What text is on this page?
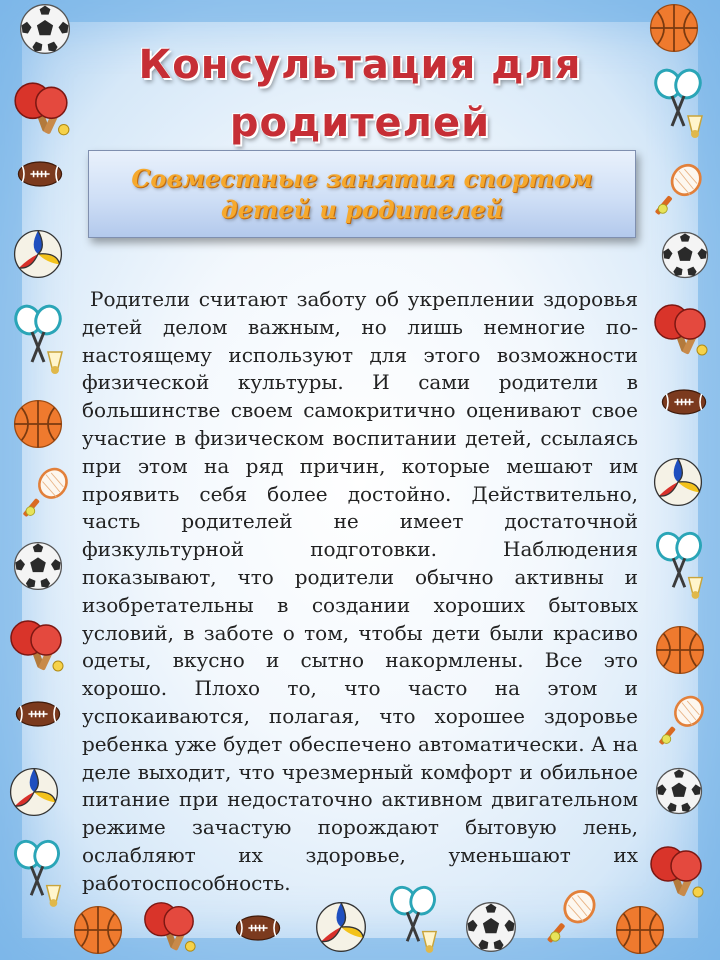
Консультация для родителей

Совместные занятия спортом
детей и родителей

Родители считают заботу об укреплении здоровья детей делом важным, но лишь немногие по-настоящему используют для этого возможности физической культуры. И сами родители в большинстве своем самокритично оценивают свое участие в физическом воспитании детей, ссылаясь при этом на ряд причин, которые мешают им проявить себя более достойно. Действительно, часть родителей не имеет достаточной физкультурной подготовки. Наблюдения показывают, что родители обычно активны и изобретательны в создании хороших бытовых условий, в заботе о том, чтобы дети были красиво одеты, вкусно и сытно накормлены. Все это хорошо. Плохо то, что часто на этом и успокаиваются, полагая, что хорошее здоровье ребенка уже будет обеспечено автоматически. А на деле выходит, что чрезмерный комфорт и обильное питание при недостаточно активном двигательном режиме зачастую порождают бытовую лень, ослабляют их здоровье, уменьшают их работоспособность.
